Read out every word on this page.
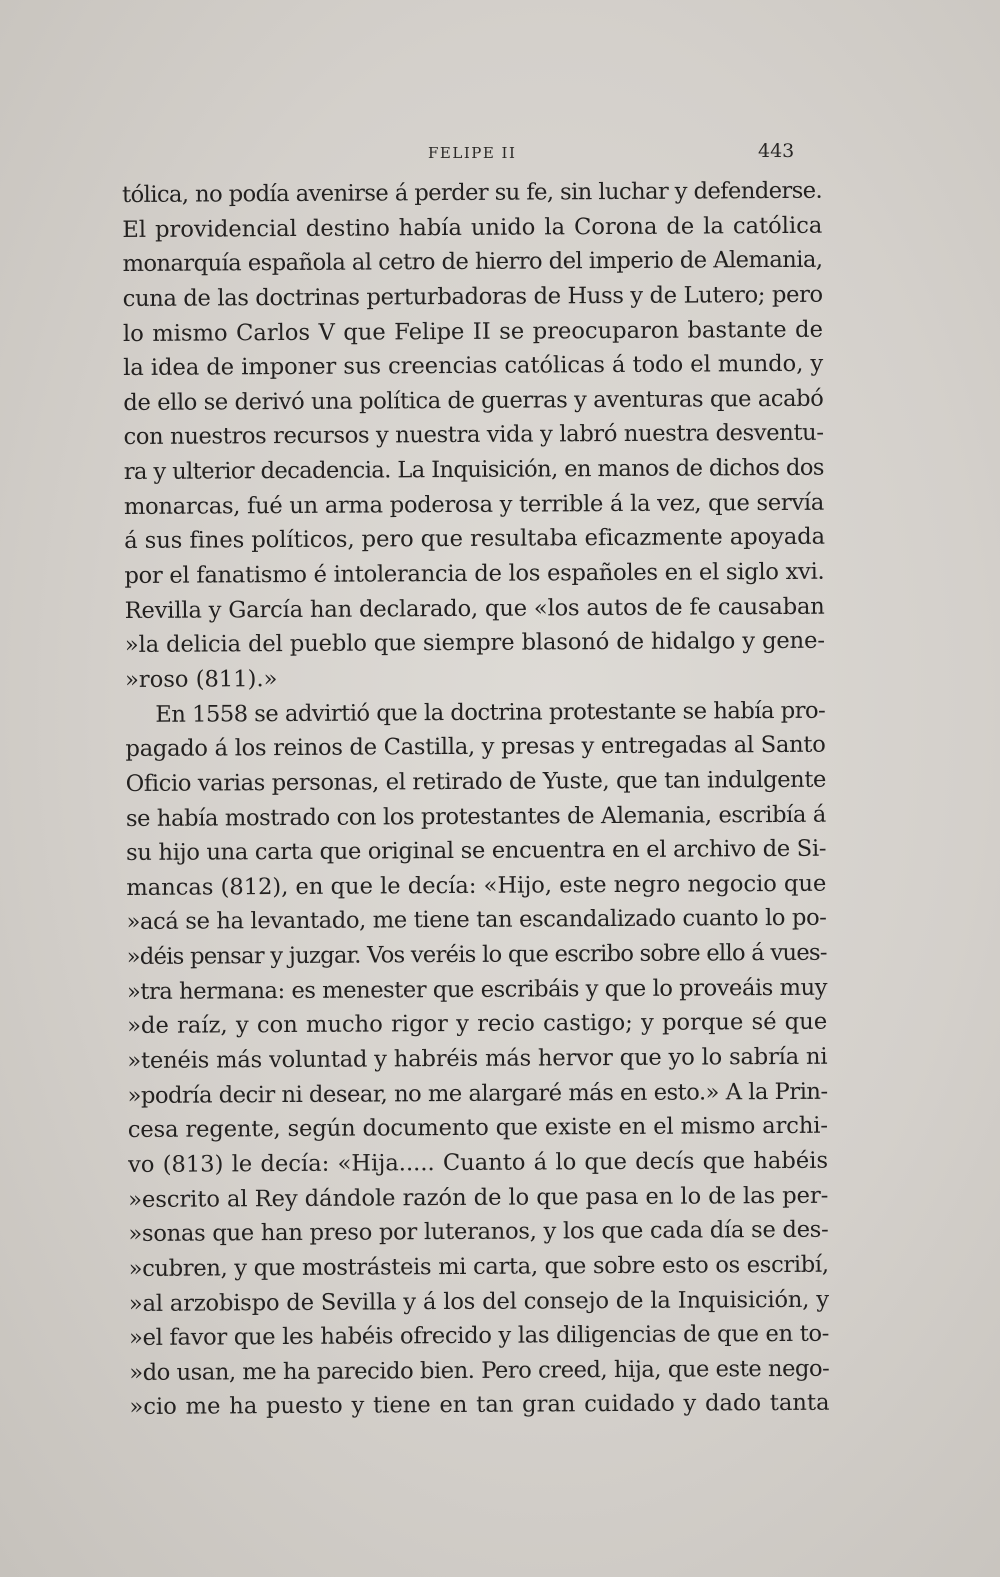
FELIPE II	443
tólica, no podía avenirse á perder su fe, sin luchar y defenderse.
El providencial destino había unido la Corona de la católica
monarquía española al cetro de hierro del imperio de Alemania,
cuna de las doctrinas perturbadoras de Huss y de Lutero; pero
lo mismo Carlos V que Felipe II se preocuparon bastante de
la idea de imponer sus creencias católicas á todo el mundo, y
de ello se derivó una política de guerras y aventuras que acabó
con nuestros recursos y nuestra vida y labró nuestra desventu-
ra y ulterior decadencia. La Inquisición, en manos de dichos dos
monarcas, fué un arma poderosa y terrible á la vez, que servía
á sus fines políticos, pero que resultaba eficazmente apoyada
por el fanatismo é intolerancia de los españoles en el siglo xvi.
Revilla y García han declarado, que «los autos de fe causaban
»la delicia del pueblo que siempre blasonó de hidalgo y gene-
»roso (811).»
En 1558 se advirtió que la doctrina protestante se había pro-
pagado á los reinos de Castilla, y presas y entregadas al Santo
Oficio varias personas, el retirado de Yuste, que tan indulgente
se había mostrado con los protestantes de Alemania, escribía á
su hijo una carta que original se encuentra en el archivo de Si-
mancas (812), en que le decía: «Hijo, este negro negocio que
»acá se ha levantado, me tiene tan escandalizado cuanto lo po-
»déis pensar y juzgar. Vos veréis lo que escribo sobre ello á vues-
»tra hermana: es menester que escribáis y que lo proveáis muy
»de raíz, y con mucho rigor y recio castigo; y porque sé que
»tenéis más voluntad y habréis más hervor que yo lo sabría ni
»podría decir ni desear, no me alargaré más en esto.» A la Prin-
cesa regente, según documento que existe en el mismo archi-
vo (813) le decía: «Hija..... Cuanto á lo que decís que habéis
»escrito al Rey dándole razón de lo que pasa en lo de las per-
»sonas que han preso por luteranos, y los que cada día se des-
»cubren, y que mostrásteis mi carta, que sobre esto os escribí,
»al arzobispo de Sevilla y á los del consejo de la Inquisición, y
»el favor que les habéis ofrecido y las diligencias de que en to-
»do usan, me ha parecido bien. Pero creed, hija, que este nego-
»cio me ha puesto y tiene en tan gran cuidado y dado tanta
